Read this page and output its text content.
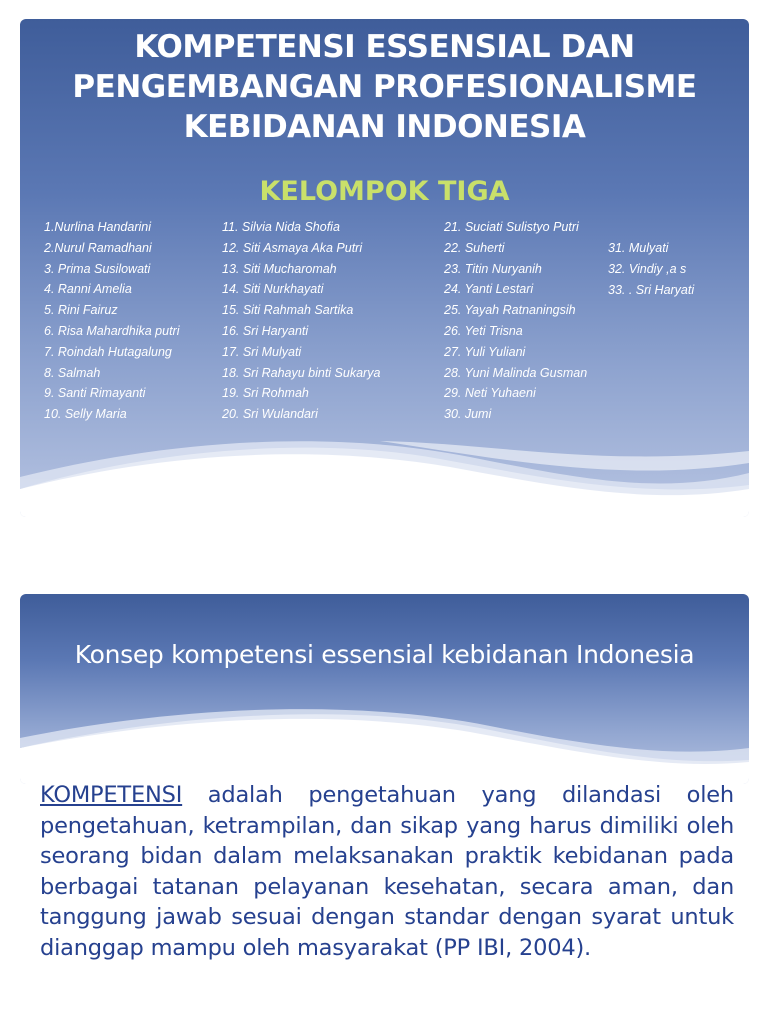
KOMPETENSI ESSENSIAL DAN
PENGEMBANGAN PROFESIONALISME
KEBIDANAN INDONESIA
KELOMPOK TIGA
1.Nurlina Handarini
2.Nurul Ramadhani
3. Prima Susilowati
4. Ranni Amelia
5. Rini Fairuz
6. Risa Mahardhika putri
7. Roindah Hutagalung
8. Salmah
9. Santi Rimayanti
10. Selly Maria
11. Silvia Nida Shofia
12. Siti Asmaya Aka Putri
13. Siti Mucharomah
14. Siti Nurkhayati
15. Siti Rahmah Sartika
16. Sri Haryanti
17. Sri Mulyati
18. Sri Rahayu binti Sukarya
19. Sri Rohmah
20. Sri Wulandari
21. Suciati Sulistyo Putri
22. Suherti
23. Titin Nuryanih
24. Yanti Lestari
25. Yayah Ratnaningsih
26. Yeti Trisna
27. Yuli Yuliani
28. Yuni Malinda Gusman
29. Neti Yuhaeni
30. Jumi
31. Mulyati
32. Vindiy ,a s
33. . Sri Haryati
Konsep kompetensi essensial kebidanan Indonesia
KOMPETENSI adalah pengetahuan yang dilandasi oleh pengetahuan, ketrampilan, dan sikap yang harus dimiliki oleh seorang bidan dalam melaksanakan praktik kebidanan pada berbagai tatanan pelayanan kesehatan, secara aman, dan tanggung jawab sesuai dengan standar dengan syarat untuk dianggap mampu oleh masyarakat (PP IBI, 2004).
